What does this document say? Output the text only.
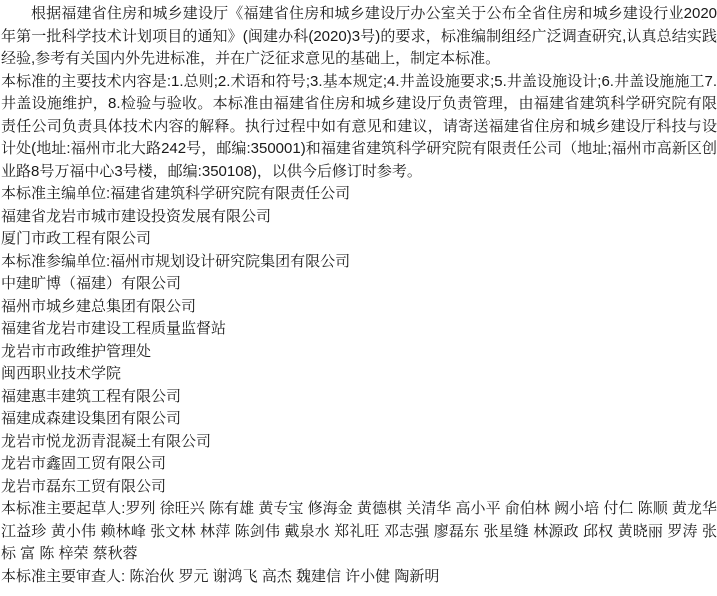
根据福建省住房和城乡建设厅《福建省住房和城乡建设厅办公室关于公布全省住房和城乡建设行业2020年第一批科学技术计划项目的通知》(闽建办科(2020)3号)的要求，标准编制组经广泛调查研究,认真总结实践经验,参考有关国内外先进标准，并在广泛征求意见的基础上，制定本标准。

本标准的主要技术内容是:1.总则;2.术语和符号;3.基本规定;4.井盖设施要求;5.井盖设施设计;6.井盖设施施工7.井盖设施维护，8.检验与验收。本标准由福建省住房和城乡建设厅负责管理，由福建省建筑科学研究院有限责任公司负责具体技术内容的解释。执行过程中如有意见和建议，请寄送福建省住房和城乡建设厅科技与设计处(地址:福州市北大路242号，邮编:350001)和福建省建筑科学研究院有限责任公司（地址;福州市高新区创业路8号万福中心3号楼，邮编:350108)，以供今后修订时参考。

本标准主编单位:福建省建筑科学研究院有限责任公司
福建省龙岩市城市建设投资发展有限公司
厦门市政工程有限公司
本标准参编单位:福州市规划设计研究院集团有限公司
中建旷博（福建）有限公司
福州市城乡建总集团有限公司
福建省龙岩市建设工程质量监督站
龙岩市市政维护管理处
闽西职业技术学院
福建惠丰建筑工程有限公司
福建成森建设集团有限公司
龙岩市悦龙沥青混凝土有限公司
龙岩市鑫固工贸有限公司
龙岩市磊东工贸有限公司

本标准主要起草人:罗列 徐旺兴 陈有雄 黄专宝 修海金 黄德棋 关清华 高小平 俞伯林 阙小培 付仁 陈顺 黄龙华 江益珍 黄小伟 赖林峰 张文林 林萍 陈剑伟 戴泉水 郑礼旺 邓志强 廖磊东 张星缝 林源政 邱权 黄晓丽 罗涛 张标 富 陈 梓荣 蔡秋蓉

本标准主要审查人: 陈治伙 罗元 谢鸿飞 高杰 魏建信 许小健 陶新明
